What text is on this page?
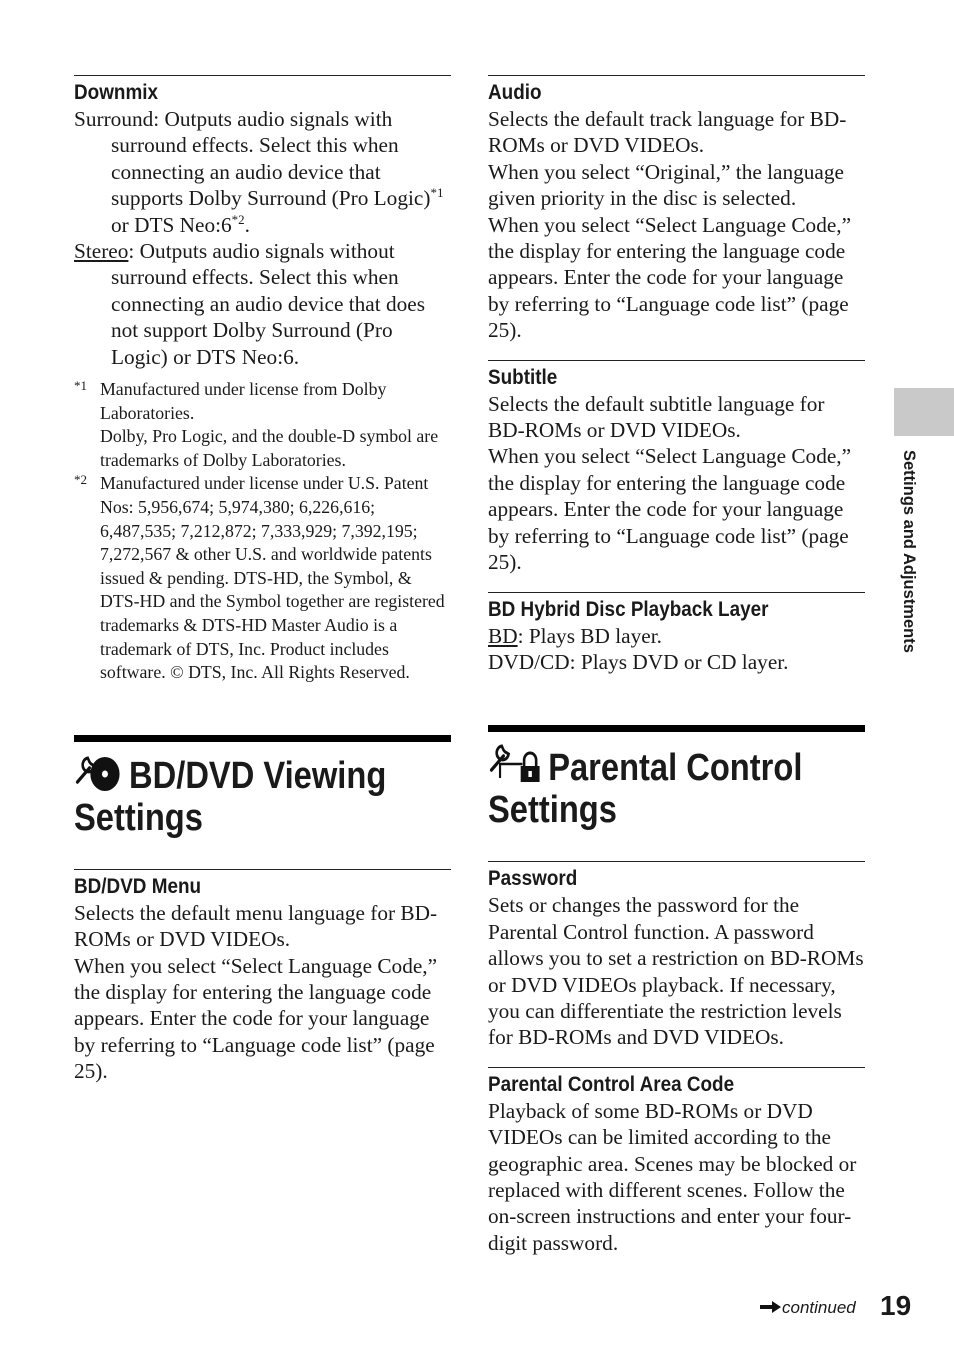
Downmix

Surround: Outputs audio signals with surround effects. Select this when connecting an audio device that supports Dolby Surround (Pro Logic)$^{*1}$ or DTS Neo:6$^{*2}$.

Stereo: Outputs audio signals without surround effects. Select this when connecting an audio device that does not support Dolby Surround (Pro Logic) or DTS Neo:6.

*1 Manufactured under license from Dolby Laboratories.

Dolby, Pro Logic, and the double-D symbol are trademarks of Dolby Laboratories.

*2 Manufactured under license under U.S. Patent Nos: 5,956,674; 5,974,380; 6,226,616; 6,487,535; 7,212,872; 7,333,929; 7,392,195; 7,272,567 & other U.S. and worldwide patents issued & pending. DTS-HD, the Symbol, & DTS-HD and the Symbol together are registered trademarks & DTS-HD Master Audio is a trademark of DTS, Inc. Product includes software. © DTS, Inc. All Rights Reserved.

BD/DVD Viewing
Settings
BD/DVD Menu

Selects the default menu language for BD-ROMs or DVD VIDEOs.

When you select “Select Language Code,” the display for entering the language code appears. Enter the code for your language by referring to “Language code list” (page 25).

Audio

Selects the default track language for BD-ROMs or DVD VIDEOs.

When you select “Original,” the language given priority in the disc is selected.

When you select “Select Language Code,” the display for entering the language code appears. Enter the code for your language by referring to “Language code list” (page 25).

Subtitle

Selects the default subtitle language for BD-ROMs or DVD VIDEOs.

When you select “Select Language Code,” the display for entering the language code appears. Enter the code for your language by referring to “Language code list” (page 25).

BD Hybrid Disc Playback Layer

BD: Plays BD layer.

DVD/CD: Plays DVD or CD layer.

Parental Control
Settings
Password

Sets or changes the password for the Parental Control function. A password allows you to set a restriction on BD-ROMs or DVD VIDEOs playback. If necessary, you can differentiate the restriction levels for BD-ROMs and DVD VIDEOs.

Parental Control Area Code

Playback of some BD-ROMs or DVD VIDEOs can be limited according to the geographic area. Scenes may be blocked or replaced with different scenes. Follow the on-screen instructions and enter your four-digit password.

Settings and Adjustments
continued 19
